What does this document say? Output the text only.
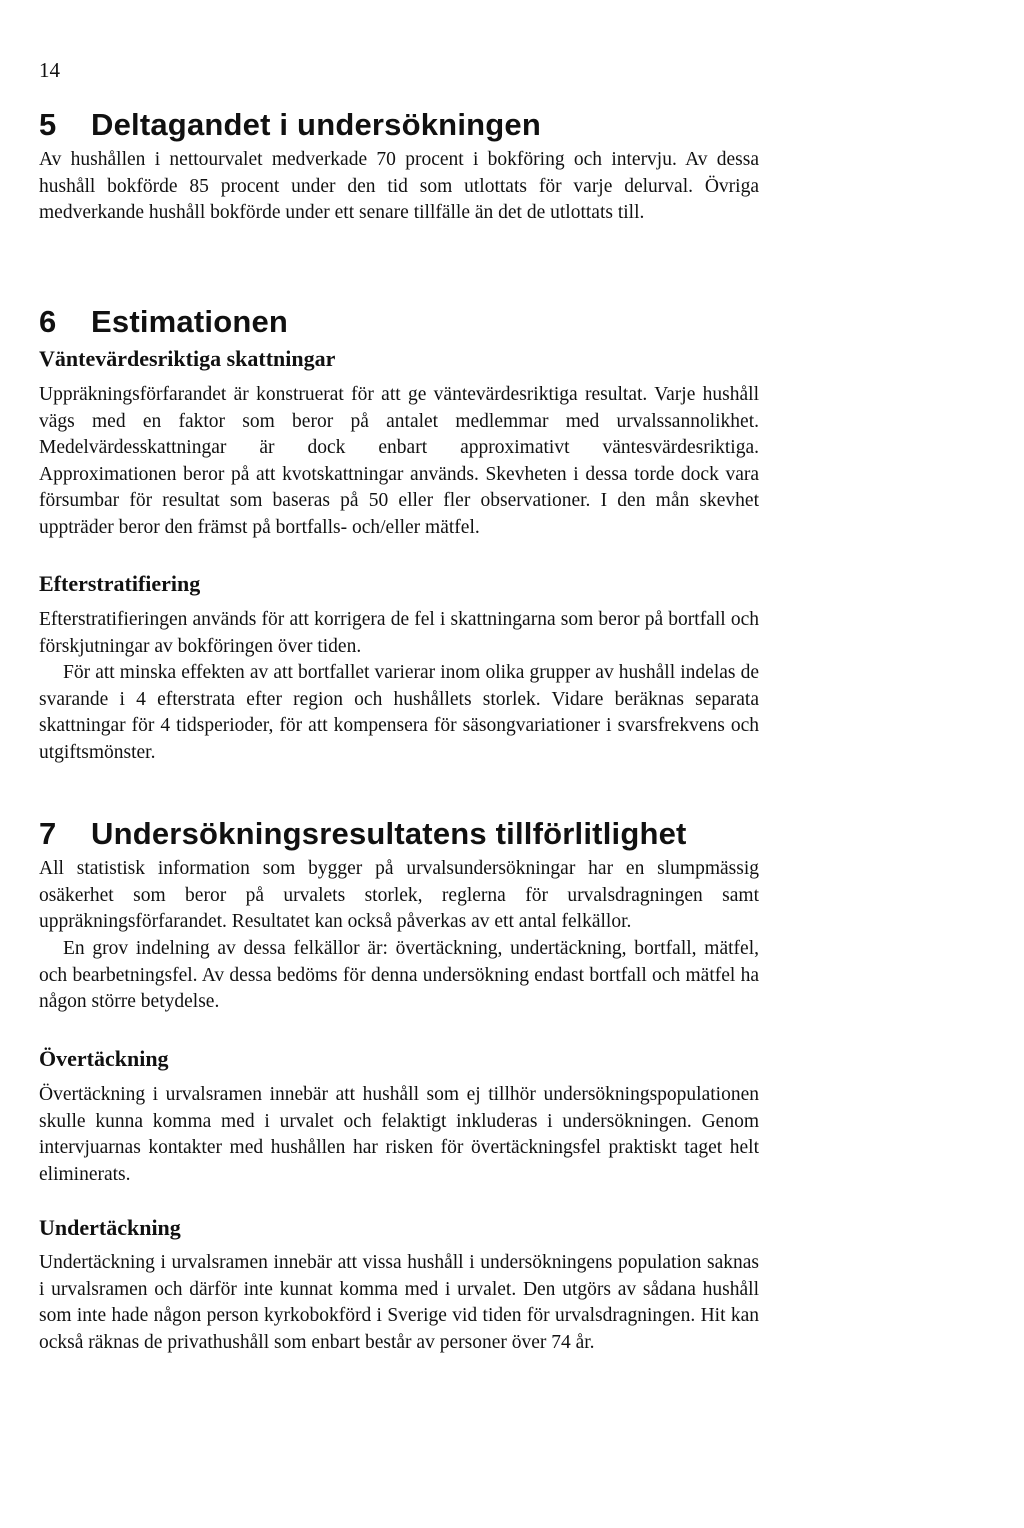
14
5 Deltagandet i undersökningen

Av hushållen i nettourvalet medverkade 70 procent i bokföring och intervju. Av dessa hushåll bokförde 85 procent under den tid som utlottats för varje delurval. Övriga medverkande hushåll bokförde under ett senare tillfälle än det de utlottats till.

6 Estimationen
Väntevärdesriktiga skattningar

Uppräkningsförfarandet är konstruerat för att ge väntevärdesriktiga resultat. Varje hushåll vägs med en faktor som beror på antalet medlemmar med urvalssannolikhet. Medelvärdesskattningar är dock enbart approximativt väntesvärdesriktiga. Approximationen beror på att kvotskattningar används. Skevheten i dessa torde dock vara försumbar för resultat som baseras på 50 eller fler observationer. I den mån skevhet uppträder beror den främst på bortfalls- och/eller mätfel.

Efterstratifiering

Efterstratifieringen används för att korrigera de fel i skattningarna som beror på bortfall och förskjutningar av bokföringen över tiden.

För att minska effekten av att bortfallet varierar inom olika grupper av hushåll indelas de svarande i 4 efterstrata efter region och hushållets storlek. Vidare beräknas separata skattningar för 4 tidsperioder, för att kompensera för säsongvariationer i svarsfrekvens och utgiftsmönster.

7 Undersökningsresultatens tillförlitlighet

All statistisk information som bygger på urvalsundersökningar har en slumpmässig osäkerhet som beror på urvalets storlek, reglerna för urvalsdragningen samt uppräkningsförfarandet. Resultatet kan också påverkas av ett antal felkällor.

En grov indelning av dessa felkällor är: övertäckning, undertäckning, bortfall, mätfel, och bearbetningsfel. Av dessa bedöms för denna undersökning endast bortfall och mätfel ha någon större betydelse.

Övertäckning

Övertäckning i urvalsramen innebär att hushåll som ej tillhör undersökningspopulationen skulle kunna komma med i urvalet och felaktigt inkluderas i undersökningen. Genom intervjuarnas kontakter med hushållen har risken för övertäckningsfel praktiskt taget helt eliminerats.

Undertäckning

Undertäckning i urvalsramen innebär att vissa hushåll i undersökningens population saknas i urvalsramen och därför inte kunnat komma med i urvalet. Den utgörs av sådana hushåll som inte hade någon person kyrkobokförd i Sverige vid tiden för urvalsdragningen. Hit kan också räknas de privathushåll som enbart består av personer över 74 år.
